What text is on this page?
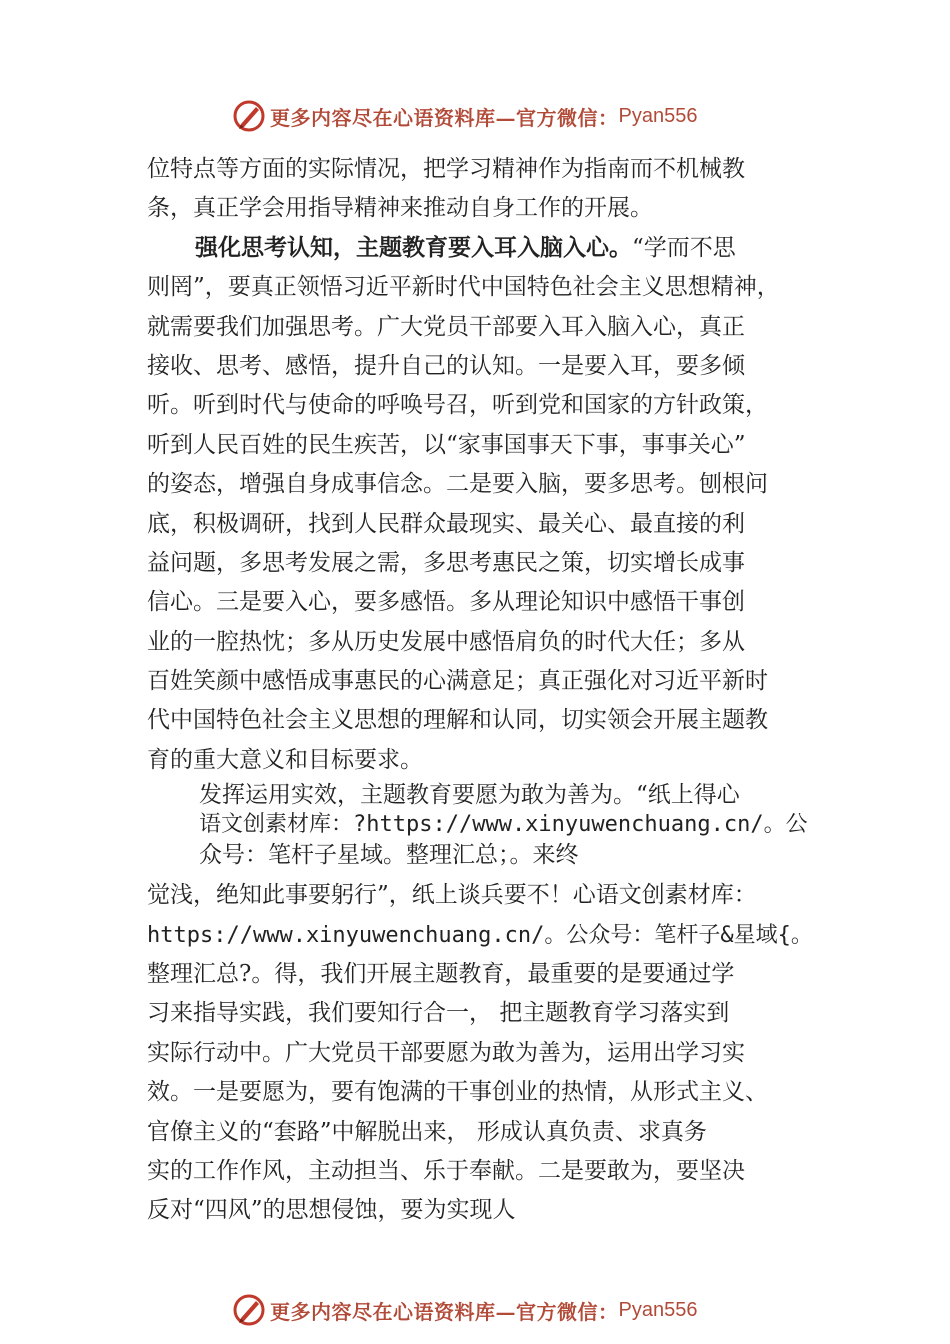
更多内容尽在心语资料库—官方微信： Pyan556
位特点等方面的实际情况，把学习精神作为指南而不机械教
条，真正学会用指导精神来推动自身工作的开展。
强化思考认知，主题教育要入耳入脑入心。“学而不思
则罔”，要真正领悟习近平新时代中国特色社会主义思想精神，
就需要我们加强思考。广大党员干部要入耳入脑入心，真正
接收、思考、感悟，提升自己的认知。一是要入耳，要多倾
听。听到时代与使命的呼唤号召，听到党和国家的方针政策，
听到人民百姓的民生疾苦，以“家事国事天下事，事事关心”
的姿态，增强自身成事信念。二是要入脑，要多思考。刨根问
底，积极调研，找到人民群众最现实、最关心、最直接的利
益问题，多思考发展之需，多思考惠民之策，切实增长成事
信心。三是要入心，要多感悟。多从理论知识中感悟干事创
业的一腔热忱；多从历史发展中感悟肩负的时代大任；多从
百姓笑颜中感悟成事惠民的心满意足；真正强化对习近平新时
代中国特色社会主义思想的理解和认同，切实领会开展主题教
育的重大意义和目标要求。
发挥运用实效，主题教育要愿为敢为善为。“纸上得心
语文创素材库：?https://www.xinyuwenchuang.cn/。公
众号：笔杆子星域。整理汇总；。来终
觉浅，绝知此事要躬行”，纸上谈兵要不！心语文创素材库：
https://www.xinyuwenchuang.cn/。公众号：笔杆子&星域{。
整理汇总?。得，我们开展主题教育，最重要的是要通过学
习来指导实践，我们要知行合一， 把主题教育学习落实到
实际行动中。广大党员干部要愿为敢为善为，运用出学习实
效。一是要愿为，要有饱满的干事创业的热情，从形式主义、
官僚主义的“套路”中解脱出来， 形成认真负责、求真务
实的工作作风，主动担当、乐于奉献。二是要敢为，要坚决
反对“四风”的思想侵蚀，要为实现人
更多内容尽在心语资料库—官方微信： Pyan556
